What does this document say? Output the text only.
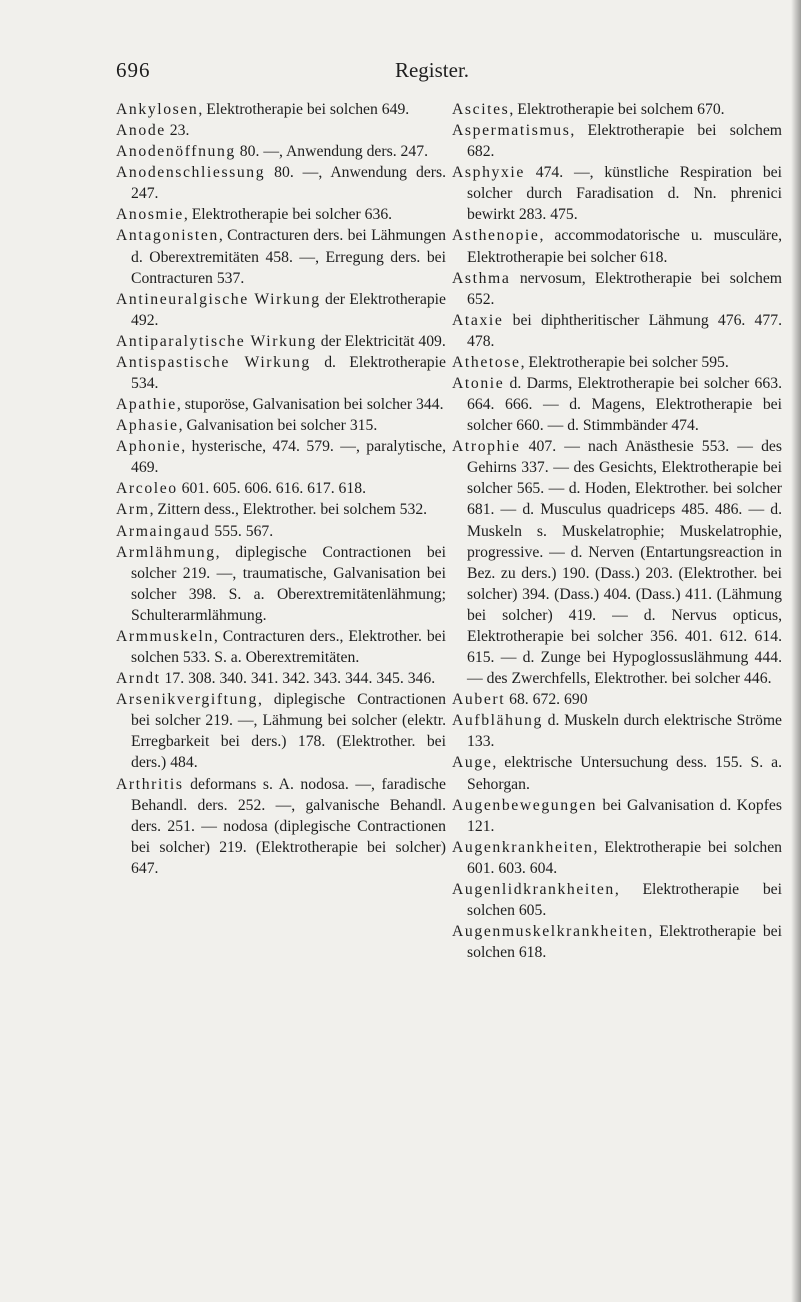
696	Register.
Ankylosen, Elektrotherapie bei solchen 649.
Anode 23.
Anodenöffnung 80. —, Anwendung ders. 247.
Anodenschliessung 80. —, Anwendung ders. 247.
Anosmie, Elektrotherapie bei solcher 636.
Antagonisten, Contracturen ders. bei Lähmungen d. Oberextremitäten 458. —, Erregung ders. bei Contracturen 537.
Antineuralgische Wirkung der Elektrotherapie 492.
Antiparalytische Wirkung der Elektricität 409.
Antispastische Wirkung d. Elektrotherapie 534.
Apathie, stuporöse, Galvanisation bei solcher 344.
Aphasie, Galvanisation bei solcher 315.
Aphonie, hysterische, 474. 579. —, paralytische, 469.
Arcoleo 601. 605. 606. 616. 617. 618.
Arm, Zittern dess., Elektrother. bei solchem 532.
Armaingaud 555. 567.
Armlähmung, diplegische Contractionen bei solcher 219. —, traumatische, Galvanisation bei solcher 398. S. a. Oberextremitätenlähmung; Schulterarmlähmung.
Armmuskeln, Contracturen ders., Elektrother. bei solchen 533. S. a. Oberextremitäten.
Arndt 17. 308. 340. 341. 342. 343. 344. 345. 346.
Arsenikvergiftung, diplegische Contractionen bei solcher 219. —, Lähmung bei solcher (elektr. Erregbarkeit bei ders.) 178. (Elektrother. bei ders.) 484.
Arthritis deformans s. A. nodosa. —, faradische Behandl. ders. 252. —, galvanische Behandl. ders. 251. — nodosa (diplegische Contractionen bei solcher) 219. (Elektrotherapie bei solcher) 647.
Ascites, Elektrotherapie bei solchem 670.
Aspermatismus, Elektrotherapie bei solchem 682.
Asphyxie 474. —, künstliche Respiration bei solcher durch Faradisation d. Nn. phrenici bewirkt 283. 475.
Asthenopie, accommodatorische u. musculäre, Elektrotherapie bei solcher 618.
Asthma nervosum, Elektrotherapie bei solchem 652.
Ataxie bei diphtheritischer Lähmung 476. 477. 478.
Athetose, Elektrotherapie bei solcher 595.
Atonie d. Darms, Elektrotherapie bei solcher 663. 664. 666. — d. Magens, Elektrotherapie bei solcher 660. — d. Stimmbänder 474.
Atrophie 407. — nach Anästhesie 553. — des Gehirns 337. — des Gesichts, Elektrotherapie bei solcher 565. — d. Hoden, Elektrother. bei solcher 681. — d. Musculus quadriceps 485. 486. — d. Muskeln s. Muskelatrophie; Muskelatrophie, progressive. — d. Nerven (Entartungsreaction in Bez. zu ders.) 190. (Dass.) 203. (Elektrother. bei solcher) 394. (Dass.) 404. (Dass.) 411. (Lähmung bei solcher) 419. — d. Nervus opticus, Elektrotherapie bei solcher 356. 401. 612. 614. 615. — d. Zunge bei Hypoglossuslähmung 444. — des Zwerchfells, Elektrother. bei solcher 446.
Aubert 68. 672. 690
Aufblähung d. Muskeln durch elektrische Ströme 133.
Auge, elektrische Untersuchung dess. 155. S. a. Sehorgan.
Augenbewegungen bei Galvanisation d. Kopfes 121.
Augenkrankheiten, Elektrotherapie bei solchen 601. 603. 604.
Augenlidkrankheiten, Elektrotherapie bei solchen 605.
Augenmuskelkrankheiten, Elektrotherapie bei solchen 618.
